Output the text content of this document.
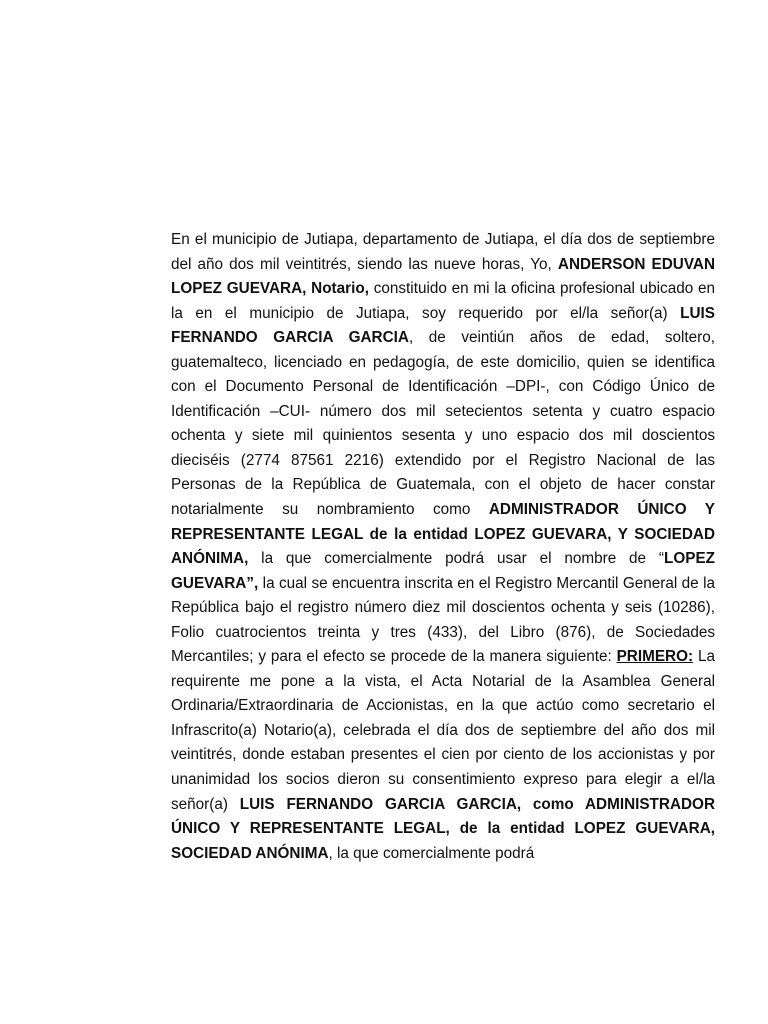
En el municipio de Jutiapa, departamento de Jutiapa, el día dos de septiembre del año dos mil veintitrés, siendo las nueve horas, Yo, ANDERSON EDUVAN LOPEZ GUEVARA, Notario, constituido en mi la oficina profesional ubicado en la en el municipio de Jutiapa, soy requerido por el/la señor(a) LUIS FERNANDO GARCIA GARCIA, de veintiún años de edad, soltero, guatemalteco, licenciado en pedagogía, de este domicilio, quien se identifica con el Documento Personal de Identificación –DPI-, con Código Único de Identificación –CUI- número dos mil setecientos setenta y cuatro espacio ochenta y siete mil quinientos sesenta y uno espacio dos mil doscientos dieciséis (2774 87561 2216) extendido por el Registro Nacional de las Personas de la República de Guatemala, con el objeto de hacer constar notarialmente su nombramiento como ADMINISTRADOR ÚNICO Y REPRESENTANTE LEGAL de la entidad LOPEZ GUEVARA, Y SOCIEDAD ANÓNIMA, la que comercialmente podrá usar el nombre de “LOPEZ GUEVARA”, la cual se encuentra inscrita en el Registro Mercantil General de la República bajo el registro número diez mil doscientos ochenta y seis (10286), Folio cuatrocientos treinta y tres (433), del Libro (876), de Sociedades Mercantiles; y para el efecto se procede de la manera siguiente: PRIMERO: La requirente me pone a la vista, el Acta Notarial de la Asamblea General Ordinaria/Extraordinaria de Accionistas, en la que actúo como secretario el Infrascrito(a) Notario(a), celebrada el día dos de septiembre del año dos mil veintitrés, donde estaban presentes el cien por ciento de los accionistas y por unanimidad los socios dieron su consentimiento expreso para elegir a el/la señor(a) LUIS FERNANDO GARCIA GARCIA, como ADMINISTRADOR ÚNICO Y REPRESENTANTE LEGAL, de la entidad LOPEZ GUEVARA, SOCIEDAD ANÓNIMA, la que comercialmente podrá
